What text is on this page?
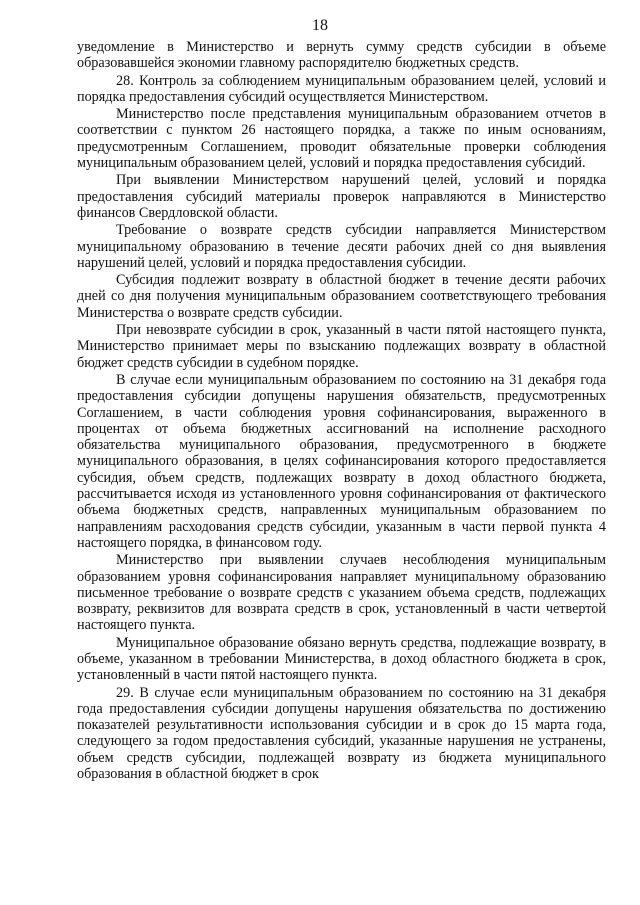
18

уведомление в Министерство и вернуть сумму средств субсидии в объеме образовавшейся экономии главному распорядителю бюджетных средств.

28. Контроль за соблюдением муниципальным образованием целей, условий и порядка предоставления субсидий осуществляется Министерством.

Министерство после представления муниципальным образованием отчетов в соответствии с пунктом 26 настоящего порядка, а также по иным основаниям, предусмотренным Соглашением, проводит обязательные проверки соблюдения муниципальным образованием целей, условий и порядка предоставления субсидий.

При выявлении Министерством нарушений целей, условий и порядка предоставления субсидий материалы проверок направляются в Министерство финансов Свердловской области.

Требование о возврате средств субсидии направляется Министерством муниципальному образованию в течение десяти рабочих дней со дня выявления нарушений целей, условий и порядка предоставления субсидии.

Субсидия подлежит возврату в областной бюджет в течение десяти рабочих дней со дня получения муниципальным образованием соответствующего требования Министерства о возврате средств субсидии.

При невозврате субсидии в срок, указанный в части пятой настоящего пункта, Министерство принимает меры по взысканию подлежащих возврату в областной бюджет средств субсидии в судебном порядке.

В случае если муниципальным образованием по состоянию на 31 декабря года предоставления субсидии допущены нарушения обязательств, предусмотренных Соглашением, в части соблюдения уровня софинансирования, выраженного в процентах от объема бюджетных ассигнований на исполнение расходного обязательства муниципального образования, предусмотренного в бюджете муниципального образования, в целях софинансирования которого предоставляется субсидия, объем средств, подлежащих возврату в доход областного бюджета, рассчитывается исходя из установленного уровня софинансирования от фактического объема бюджетных средств, направленных муниципальным образованием по направлениям расходования средств субсидии, указанным в части первой пункта 4 настоящего порядка, в финансовом году.

Министерство при выявлении случаев несоблюдения муниципальным образованием уровня софинансирования направляет муниципальному образованию письменное требование о возврате средств с указанием объема средств, подлежащих возврату, реквизитов для возврата средств в срок, установленный в части четвертой настоящего пункта.

Муниципальное образование обязано вернуть средства, подлежащие возврату, в объеме, указанном в требовании Министерства, в доход областного бюджета в срок, установленный в части пятой настоящего пункта.

29. В случае если муниципальным образованием по состоянию на 31 декабря года предоставления субсидии допущены нарушения обязательства по достижению показателей результативности использования субсидии и в срок до 15 марта года, следующего за годом предоставления субсидий, указанные нарушения не устранены, объем средств субсидии, подлежащей возврату из бюджета муниципального образования в областной бюджет в срок
